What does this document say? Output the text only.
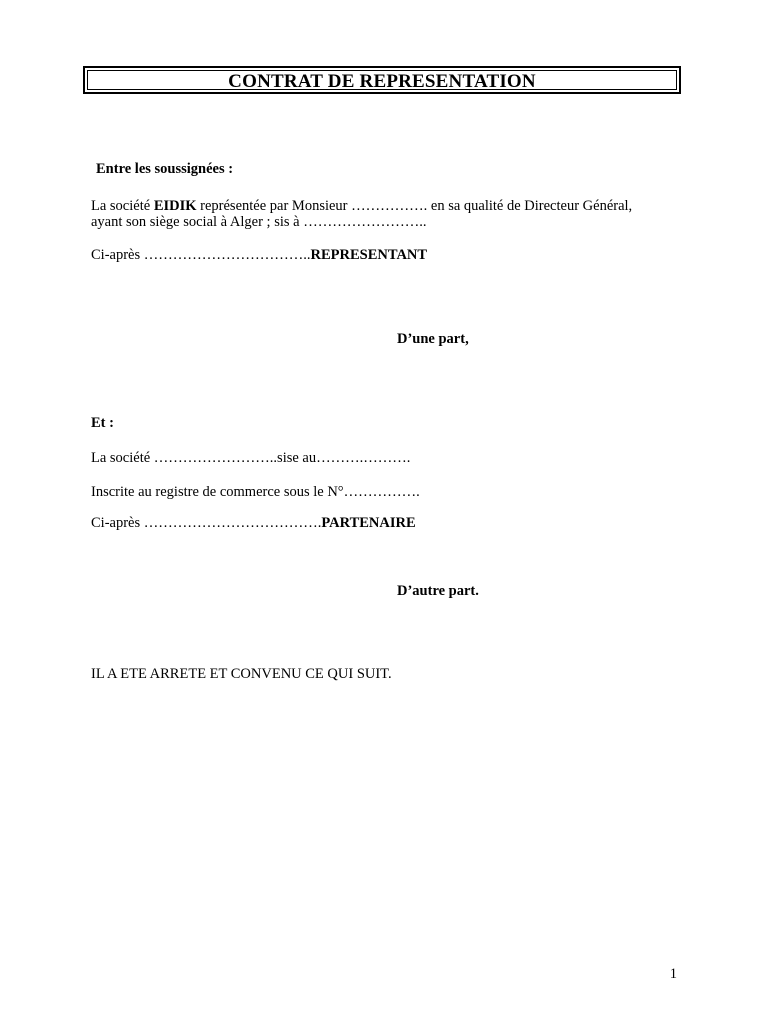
CONTRAT DE REPRESENTATION
Entre les soussignées :
La société EIDIK représentée par Monsieur ……………. en sa qualité de Directeur Général,
ayant son siège social à Alger ; sis à ……………………..
Ci-après ……………………………..REPRESENTANT
D’une part,
Et :
La société ……………………..sise au……….……….
Inscrite au registre de commerce sous le N°…………….
Ci-après ……………………………….PARTENAIRE
D’autre part.
IL A ETE ARRETE ET CONVENU CE QUI SUIT.
1
